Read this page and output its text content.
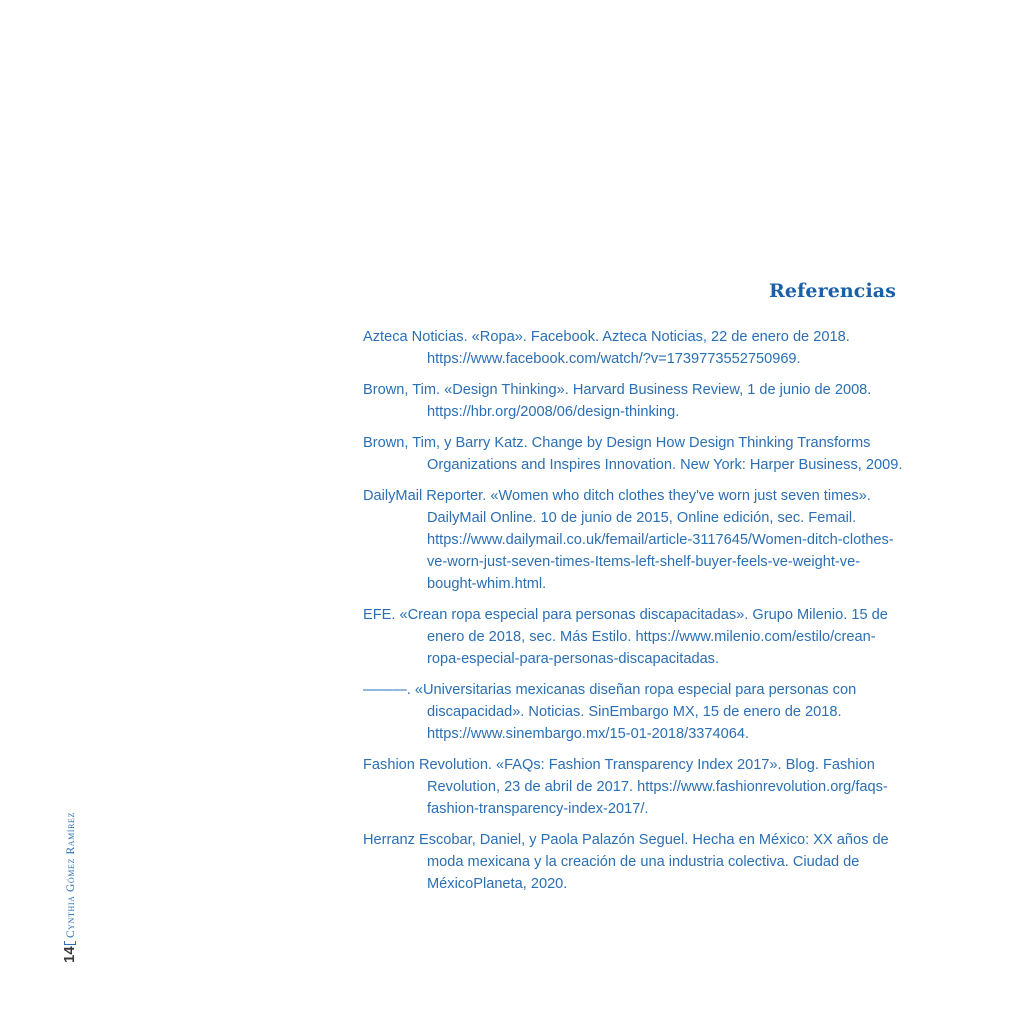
Referencias
Azteca Noticias. «Ropa». Facebook. Azteca Noticias, 22 de enero de 2018. https://www.facebook.com/watch/?v=1739773552750969.
Brown, Tim. «Design Thinking». Harvard Business Review, 1 de junio de 2008. https://hbr.org/2008/06/design-thinking.
Brown, Tim, y Barry Katz. Change by Design How Design Thinking Transforms Organizations and Inspires Innovation. New York: Harper Business, 2009.
DailyMail Reporter. «Women who ditch clothes they've worn just seven times». DailyMail Online. 10 de junio de 2015, Online edición, sec. Femail. https://www.dailymail.co.uk/femail/article-3117645/Women-ditch-clothes-ve-worn-just-seven-times-Items-left-shelf-buyer-feels-ve-weight-ve-bought-whim.html.
EFE. «Crean ropa especial para personas discapacitadas». Grupo Milenio. 15 de enero de 2018, sec. Más Estilo. https://www.milenio.com/estilo/crean-ropa-especial-para-personas-discapacitadas.
———. «Universitarias mexicanas diseñan ropa especial para personas con discapacidad». Noticias. SinEmbargo MX, 15 de enero de 2018. https://www.sinembargo.mx/15-01-2018/3374064.
Fashion Revolution. «FAQs: Fashion Transparency Index 2017». Blog. Fashion Revolution, 23 de abril de 2017. https://www.fashionrevolution.org/faqs-fashion-transparency-index-2017/.
Herranz Escobar, Daniel, y Paola Palazón Seguel. Hecha en México: XX años de moda mexicana y la creación de una industria colectiva. Ciudad de MéxicoPlaneta, 2020.
Cynthia Gómez Ramírez
14
